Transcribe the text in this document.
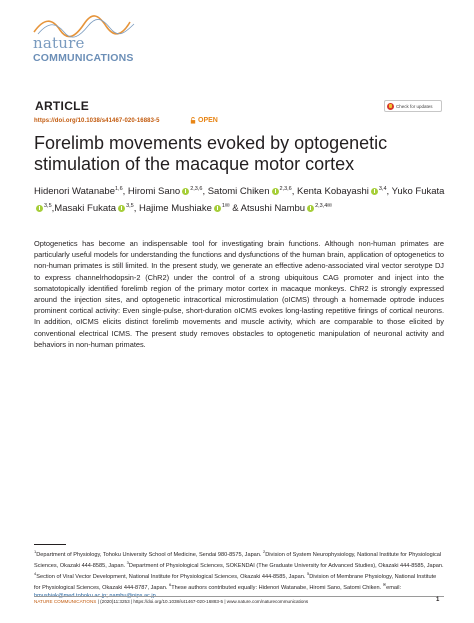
nature
COMMUNICATIONS
ARTICLE	Check for updates
https://doi.org/10.1038/s41467-020-16883-5	OPEN
Forelimb movements evoked by optogenetic stimulation of the macaque motor cortex
Hidenori Watanabe$^{1,6}$, Hiromi Sano $^{2,3,6}$, Satomi Chiken $^{2,3,6}$, Kenta Kobayashi $^{3,4}$, Yuko Fukata$^{3,5}$,Masaki Fukata $^{3,5}$, Hajime Mushiake $^{1✉}$ & Atsushi Nambu $^{2,3,4✉}$

Optogenetics has become an indispensable tool for investigating brain functions. Although non-human primates are particularly useful models for understanding the functions and dysfunctions of the human brain, application of optogenetics to non-human primates is still limited. In the present study, we generate an effective adeno-associated viral vector serotype DJ to express channelrhodopsin-2 (ChR2) under the control of a strong ubiquitous CAG promoter and inject into the somatotopically identified forelimb region of the primary motor cortex in macaque monkeys. ChR2 is strongly expressed around the injection sites, and optogenetic intracortical microstimulation (oICMS) through a homemade optrode induces prominent cortical activity: Even single-pulse, short-duration oICMS evokes long-lasting repetitive firings of cortical neurons. In addition, oICMS elicits distinct forelimb movements and muscle activity, which are comparable to those elicited by conventional electrical ICMS. The present study removes obstacles to optogenetic manipulation of neuronal activity and behaviors in non-human primates.

$^1$Department of Physiology, Tohoku University School of Medicine, Sendai 980-8575, Japan. $^2$Division of System Neurophysiology, National Institute for Physiological Sciences, Okazaki 444-8585, Japan. $^3$Department of Physiological Sciences, SOKENDAI (The Graduate University for Advanced Studies), Okazaki 444-8585, Japan. $^4$Section of Viral Vector Development, National Institute for Physiological Sciences, Okazaki 444-8585, Japan. $^5$Division of Membrane Physiology, National Institute for Physiological Sciences, Okazaki 444-8787, Japan. $^6$These authors contributed equally: Hidenori Watanabe, Hiromi Sano, Satomi Chiken. ✉email: hmushiak@med.tohoku.ac.jp; nambu@nips.ac.jp
NATURE COMMUNICATIONS | (2020)11:3253 | https://doi.org/10.1038/s41467-020-16883-5 | www.nature.com/naturecommunications	1
